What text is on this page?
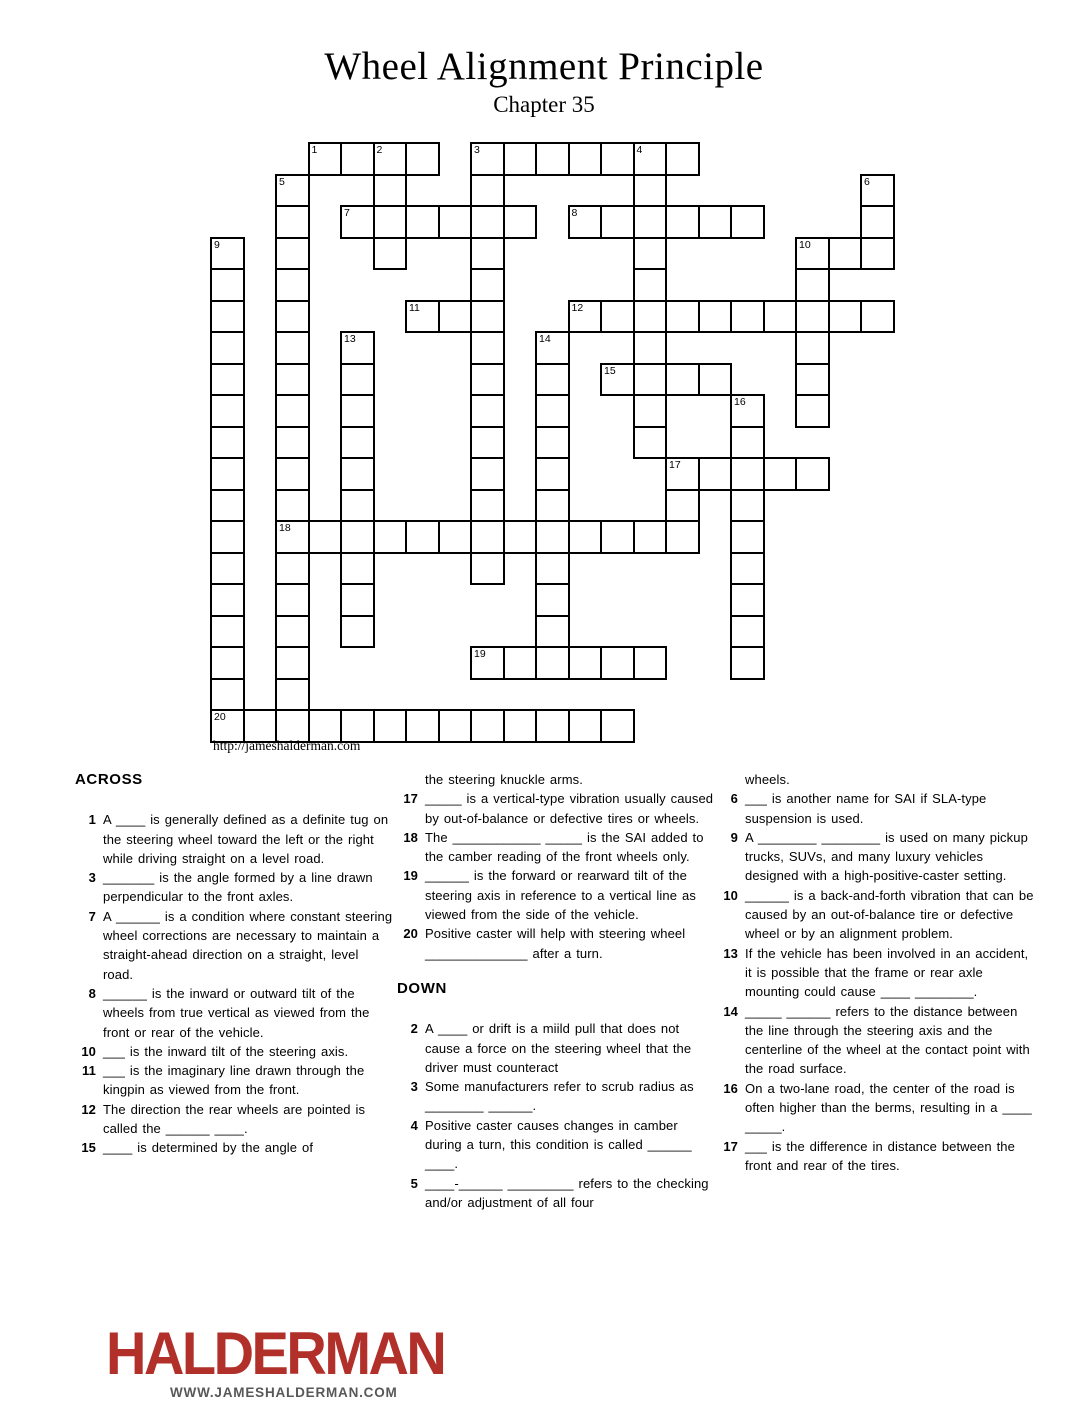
Wheel Alignment Principle
Chapter 35
1	2	3	4
7	8
10
11	12
15
17
18
19
20
5	6
9
13	14
16
http://jameshalderman.com
ACROSS
1 A ____ is generally defined as a definite tug on the steering wheel toward the left or the right while driving straight on a level road.
3 _______ is the angle formed by a line drawn perpendicular to the front axles.
7 A ______ is a condition where constant steering wheel corrections are necessary to maintain a straight-ahead direction on a straight, level road.
8 ______ is the inward or outward tilt of the wheels from true vertical as viewed from the front or rear of the vehicle.
10 ___ is the inward tilt of the steering axis.
11 ___ is the imaginary line drawn through the kingpin as viewed from the front.
12 The direction the rear wheels are pointed is called the ______ ____.
15 ____ is determined by the angle of
the steering knuckle arms.
17 _____ is a vertical-type vibration usually caused by out-of-balance or defective tires or wheels.
18 The ____________ _____ is the SAI added to the camber reading of the front wheels only.
19 ______ is the forward or rearward tilt of the steering axis in reference to a vertical line as viewed from the side of the vehicle.
20 Positive caster will help with steering wheel ______________ after a turn.
DOWN
2 A ____ or drift is a miild pull that does not cause a force on the steering wheel that the driver must counteract
3 Some manufacturers refer to scrub radius as ________ ______.
4 Positive caster causes changes in camber during a turn, this condition is called ______ ____.
5 ____-______ _________ refers to the checking and/or adjustment of all four
wheels.
6 ___ is another name for SAI if SLA-type suspension is used.
9 A ________ ________ is used on many pickup trucks, SUVs, and many luxury vehicles designed with a high-positive-caster setting.
10 ______ is a back-and-forth vibration that can be caused by an out-of-balance tire or defective wheel or by an alignment problem.
13 If the vehicle has been involved in an accident, it is possible that the frame or rear axle mounting could cause ____ ________.
14 _____ ______ refers to the distance between the line through the steering axis and the centerline of the wheel at the contact point with the road surface.
16 On a two-lane road, the center of the road is often higher than the berms, resulting in a ____ _____.
17 ___ is the difference in distance between the front and rear of the tires.
HALDERMAN
WWW.JAMESHALDERMAN.COM
